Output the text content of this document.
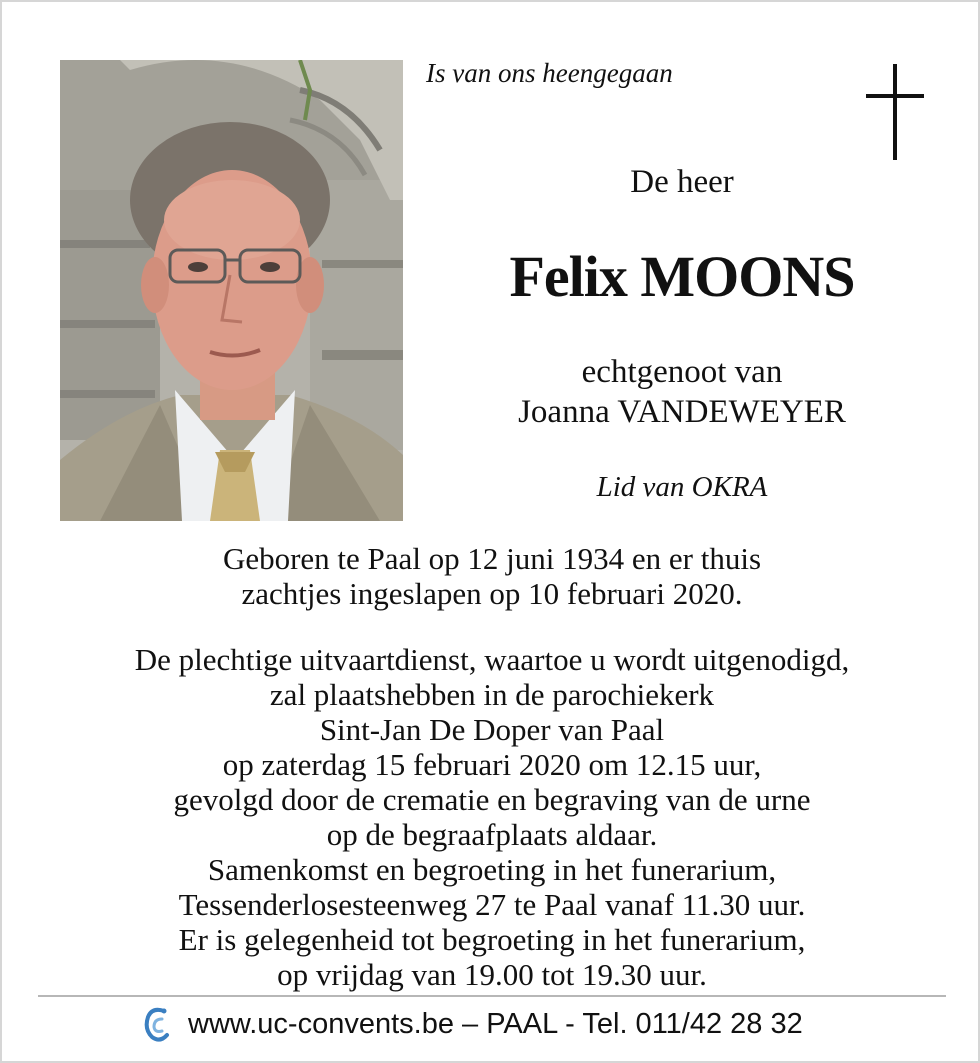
Is van ons heengegaan

De heer
Felix MOONS
echtgenoot van
Joanna VANDEWEYER
Lid van OKRA
Geboren te Paal op 12 juni 1934 en er thuis
zachtjes ingeslapen op 10 februari 2020.
De plechtige uitvaartdienst, waartoe u wordt uitgenodigd,
zal plaatshebben in de parochiekerk
Sint-Jan De Doper van Paal
op zaterdag 15 februari 2020 om 12.15 uur,
gevolgd door de crematie en begraving van de urne
op de begraafplaats aldaar.
Samenkomst en begroeting in het funerarium,
Tessenderlosesteenweg 27 te Paal vanaf 11.30 uur.
Er is gelegenheid tot begroeting in het funerarium,
op vrijdag van 19.00 tot 19.30 uur.
www.uc-convents.be – PAAL - Tel. 011/42 28 32
